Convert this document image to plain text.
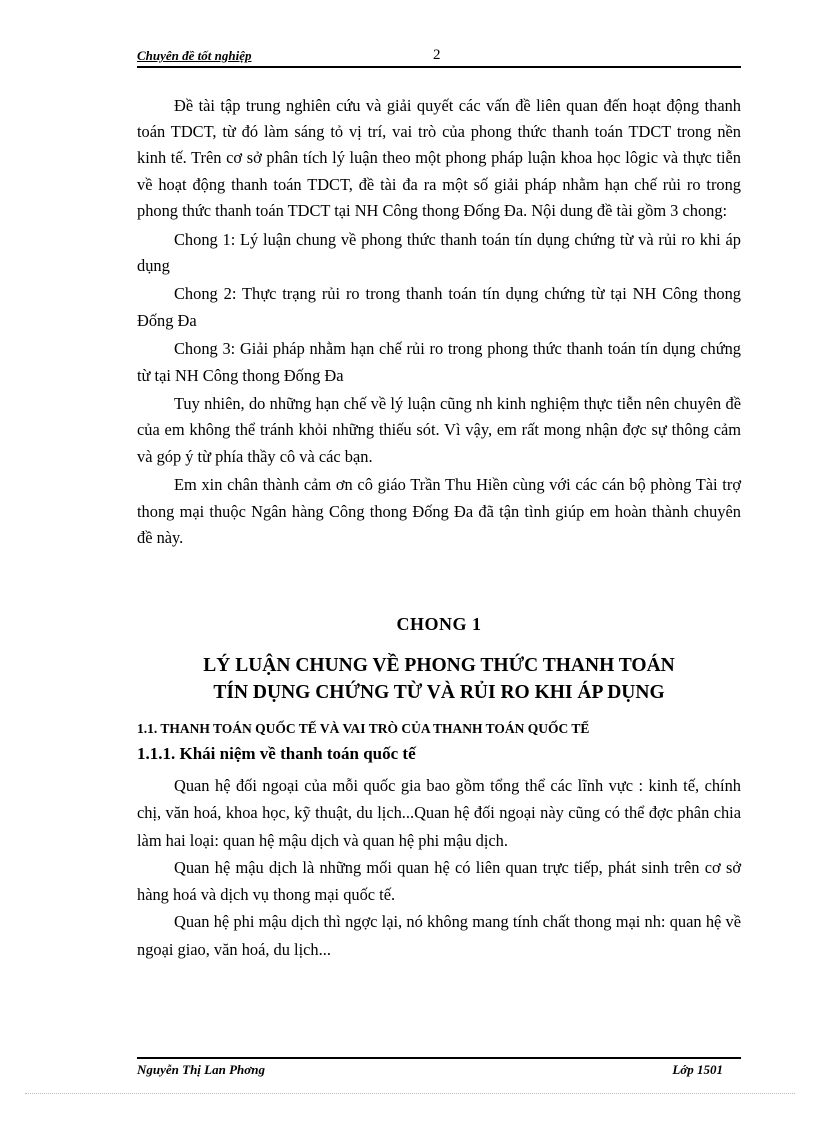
Chuyên đề tốt nghiệp	2

Đề tài tập trung nghiên cứu và giải quyết các vấn đề liên quan đến hoạt động thanh toán TDCT, từ đó làm sáng tỏ vị trí, vai trò của phong thức thanh toán TDCT trong nền kinh tế. Trên cơ sở phân tích lý luận theo một phong pháp luận khoa học lôgic và thực tiễn về hoạt động thanh toán TDCT, đề tài đa ra một số giải pháp nhằm hạn chế rủi ro trong phong thức thanh toán TDCT tại NH Công thong Đống Đa. Nội dung đề tài gồm 3 chong:

Chong 1: Lý luận chung về phong thức thanh toán tín dụng chứng từ và rủi ro khi áp dụng

Chong 2: Thực trạng rủi ro trong thanh toán tín dụng chứng từ tại NH Công thong Đống Đa

Chong 3: Giải pháp nhằm hạn chế rủi ro trong phong thức thanh toán tín dụng chứng từ tại NH Công thong Đống Đa

Tuy nhiên, do những hạn chế về lý luận cũng nh kinh nghiệm thực tiễn nên chuyên đề của em không thể tránh khỏi những thiếu sót. Vì vậy, em rất mong nhận đợc sự thông cảm và góp ý từ phía thầy cô và các bạn.

Em xin chân thành cảm ơn cô giáo Trần Thu Hiền cùng với các cán bộ phòng Tài trợ thong mại thuộc Ngân hàng Công thong Đống Đa đã tận tình giúp em hoàn thành chuyên đề này.

CHONG 1
LÝ LUẬN CHUNG VỀ PHONG THỨC THANH TOÁN
TÍN DỤNG CHỨNG TỪ VÀ RỦI RO KHI ÁP DỤNG
1.1. THANH TOÁN QUỐC TẾ VÀ VAI TRÒ CỦA THANH TOÁN QUỐC TẾ
1.1.1. Khái niệm về thanh toán quốc tế

Quan hệ đối ngoại của mỗi quốc gia bao gồm tổng thể các lĩnh vực : kinh tế, chính chị, văn hoá, khoa học, kỹ thuật, du lịch...Quan hệ đối ngoại này cũng có thể đợc phân chia làm hai loại: quan hệ mậu dịch và quan hệ phi mậu dịch.

Quan hệ mậu dịch là những mối quan hệ có liên quan trực tiếp, phát sinh trên cơ sở hàng hoá và dịch vụ thong mại quốc tế.

Quan hệ phi mậu dịch thì ngợc lại, nó không mang tính chất thong mại nh: quan hệ về ngoại giao, văn hoá, du lịch...

Nguyễn Thị Lan Phơng	Lớp 1501
